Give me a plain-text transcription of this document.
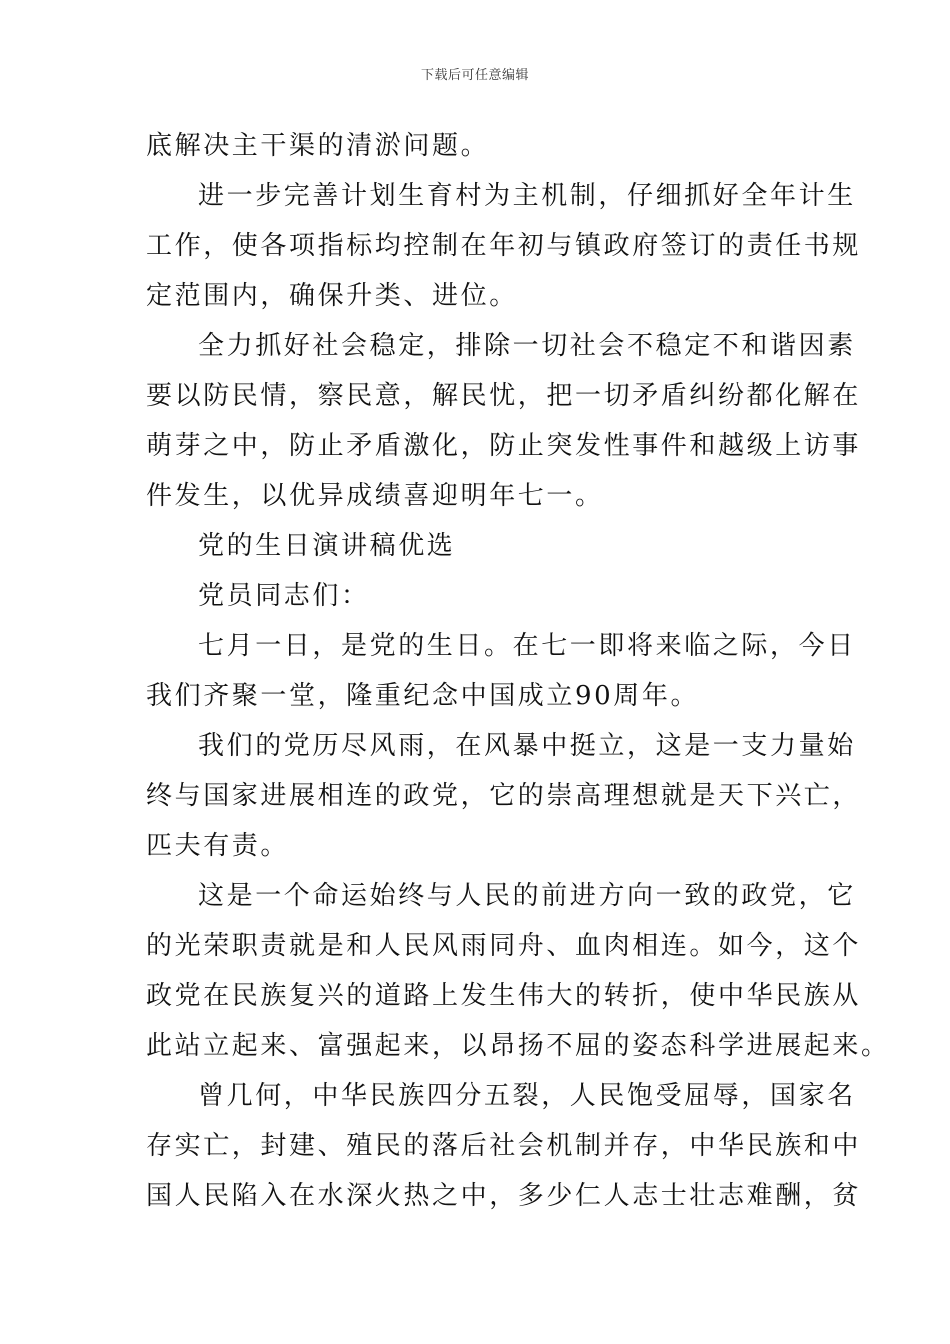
下载后可任意编辑
底解决主干渠的清淤问题。
进一步完善计划生育村为主机制，仔细抓好全年计生
工作，使各项指标均控制在年初与镇政府签订的责任书规
定范围内，确保升类、进位。
全力抓好社会稳定，排除一切社会不稳定不和谐因素
要以防民情，察民意，解民忧，把一切矛盾纠纷都化解在
萌芽之中，防止矛盾激化，防止突发性事件和越级上访事
件发生，以优异成绩喜迎明年七一。
党的生日演讲稿优选
党员同志们：
七月一日，是党的生日。在七一即将来临之际，今日
我们齐聚一堂，隆重纪念中国成立90周年。
我们的党历尽风雨，在风暴中挺立，这是一支力量始
终与国家进展相连的政党，它的崇高理想就是天下兴亡，
匹夫有责。
这是一个命运始终与人民的前进方向一致的政党，它
的光荣职责就是和人民风雨同舟、血肉相连。如今，这个
政党在民族复兴的道路上发生伟大的转折，使中华民族从
此站立起来、富强起来，以昂扬不屈的姿态科学进展起来。
曾几何，中华民族四分五裂，人民饱受屈辱，国家名
存实亡，封建、殖民的落后社会机制并存，中华民族和中
国人民陷入在水深火热之中，多少仁人志士壮志难酬，贫
